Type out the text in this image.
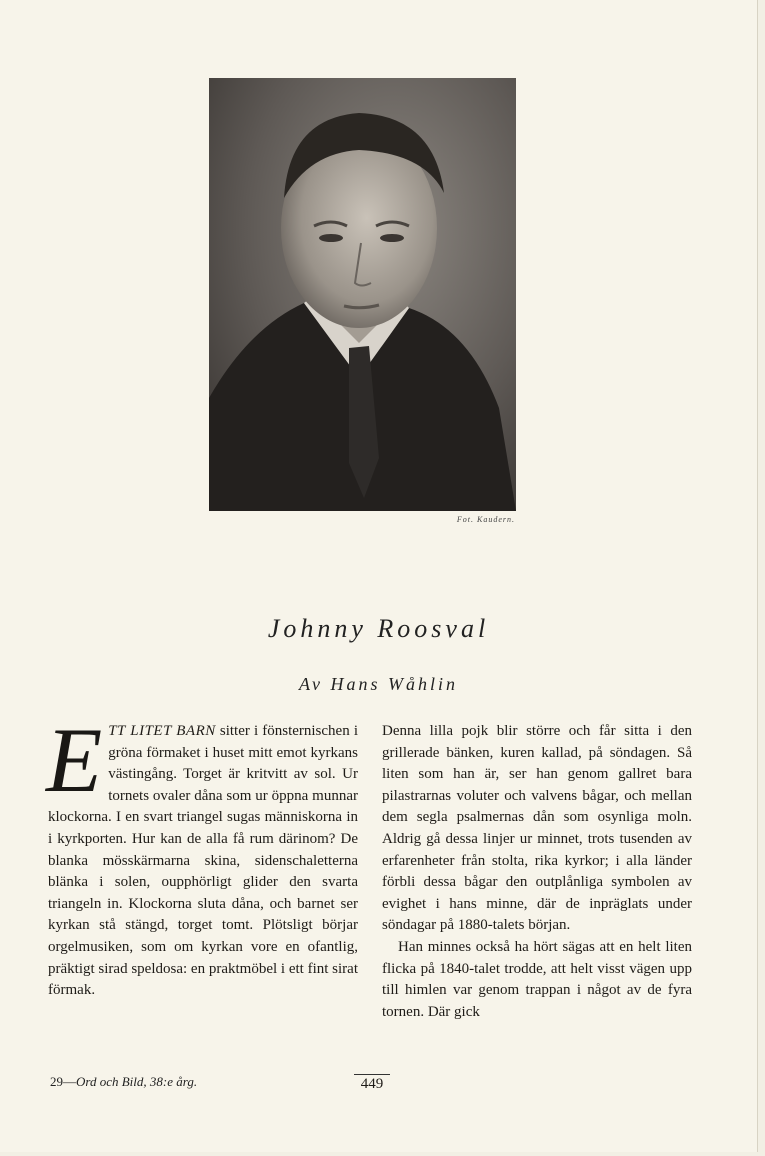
Fot. Kaudern.
Johnny Roosval
Av Hans Wåhlin

ETT LITET BARN sitter i fönsternischen i gröna förmaket i huset mitt emot kyrkans västingång. Torget är kritvitt av sol. Ur tornets ovaler dåna som ur öppna munnar klockorna. I en svart triangel sugas människorna in i kyrkporten. Hur kan de alla få rum därinom? De blanka mösskärmarna skina, sidenschaletterna blänka i solen, oupphörligt glider den svarta triangeln in. Klockorna sluta dåna, och barnet ser kyrkan stå stängd, torget tomt. Plötsligt börjar orgelmusiken, som om kyrkan vore en ofantlig, präktigt sirad speldosa: en praktmöbel i ett fint sirat förmak.

Denna lilla pojk blir större och får sitta i den grillerade bänken, kuren kallad, på söndagen. Så liten som han är, ser han genom gallret bara pilastrarnas voluter och valvens bågar, och mellan dem segla psalmernas dån som osynliga moln. Aldrig gå dessa linjer ur minnet, trots tusenden av erfarenheter från stolta, rika kyrkor; i alla länder förbli dessa bågar den outplånliga symbolen av evighet i hans minne, där de inpräglats under söndagar på 1880-talets början.

Han minnes också ha hört sägas att en helt liten flicka på 1840-talet trodde, att helt visst vägen upp till himlen var genom trappan i något av de fyra tornen. Där gick

29—Ord och Bild, 38:e årg.	449
